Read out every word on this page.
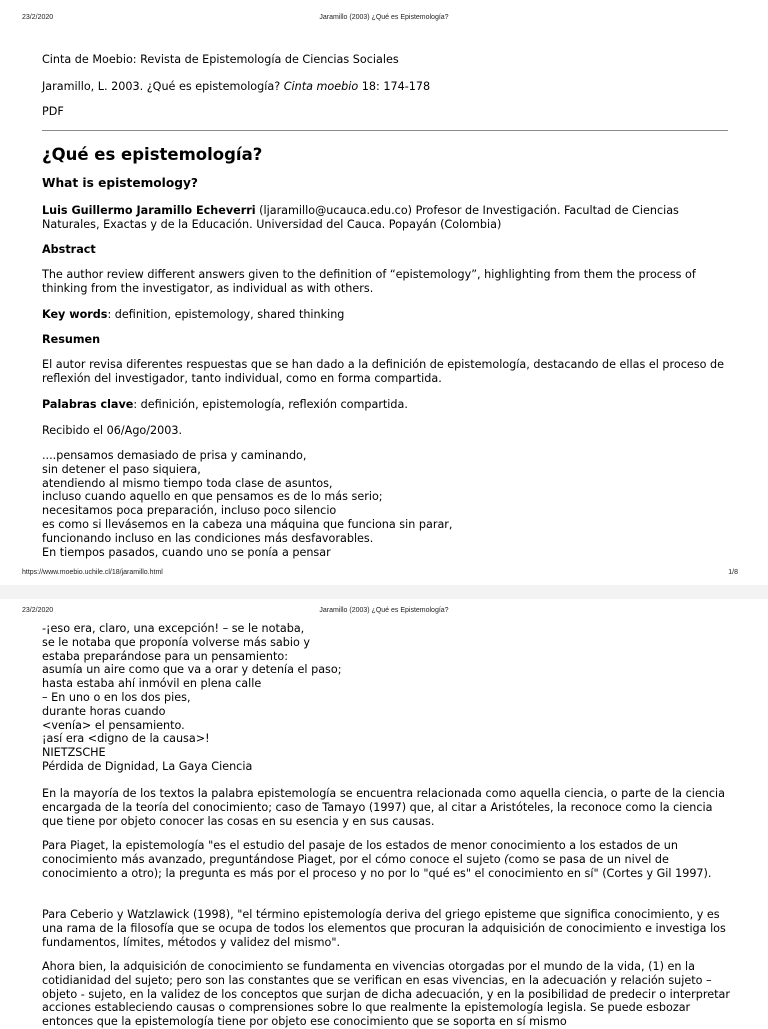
23/2/2020	Jaramillo (2003) ¿Qué es Epistemología?
Cinta de Moebio: Revista de Epistemología de Ciencias Sociales
Jaramillo, L. 2003. ¿Qué es epistemología? Cinta moebio 18: 174-178
PDF
¿Qué es epistemología?
What is epistemology?
Luis Guillermo Jaramillo Echeverri (ljaramillo@ucauca.edu.co) Profesor de Investigación. Facultad de Ciencias Naturales, Exactas y de la Educación. Universidad del Cauca. Popayán (Colombia)
Abstract
The author review different answers given to the definition of “epistemology”, highlighting from them the process of thinking from the investigator, as individual as with others.
Key words: definition, epistemology, shared thinking
Resumen
El autor revisa diferentes respuestas que se han dado a la definición de epistemología, destacando de ellas el proceso de reflexión del investigador, tanto individual, como en forma compartida.
Palabras clave: definición, epistemología, reflexión compartida.
Recibido el 06/Ago/2003.
....pensamos demasiado de prisa y caminando,
sin detener el paso siquiera,
atendiendo al mismo tiempo toda clase de asuntos,
incluso cuando aquello en que pensamos es de lo más serio;
necesitamos poca preparación, incluso poco silencio
es como si llevásemos en la cabeza una máquina que funciona sin parar,
funcionando incluso en las condiciones más desfavorables.
En tiempos pasados, cuando uno se ponía a pensar
https://www.moebio.uchile.cl/18/jaramillo.html	1/8
23/2/2020	Jaramillo (2003) ¿Qué es Epistemología?
-¡eso era, claro, una excepción! – se le notaba,
se le notaba que proponía volverse más sabio y
estaba preparándose para un pensamiento:
asumía un aire como que va a orar y detenía el paso;
hasta estaba ahí inmóvil en plena calle
– En uno o en los dos pies,
durante horas cuando
<venía> el pensamiento.
¡así era <digno de la causa>!
NIETZSCHE
Pérdida de Dignidad, La Gaya Ciencia
En la mayoría de los textos la palabra epistemología se encuentra relacionada como aquella ciencia, o parte de la ciencia encargada de la teoría del conocimiento; caso de Tamayo (1997) que, al citar a Aristóteles, la reconoce como la ciencia que tiene por objeto conocer las cosas en su esencia y en sus causas.
Para Piaget, la epistemología "es el estudio del pasaje de los estados de menor conocimiento a los estados de un conocimiento más avanzado, preguntándose Piaget, por el cómo conoce el sujeto (como se pasa de un nivel de conocimiento a otro); la pregunta es más por el proceso y no por lo "qué es" el conocimiento en sí" (Cortes y Gil 1997).
Para Ceberio y Watzlawick (1998), "el término epistemología deriva del griego episteme que significa conocimiento, y es una rama de la filosofía que se ocupa de todos los elementos que procuran la adquisición de conocimiento e investiga los fundamentos, límites, métodos y validez del mismo".
Ahora bien, la adquisición de conocimiento se fundamenta en vivencias otorgadas por el mundo de la vida, (1) en la cotidianidad del sujeto; pero son las constantes que se verifican en esas vivencias, en la adecuación y relación sujeto –objeto - sujeto, en la validez de los conceptos que surjan de dicha adecuación, y en la posibilidad de predecir o interpretar acciones estableciendo causas o comprensiones sobre lo que realmente la epistemología legisla. Se puede esbozar entonces que la epistemología tiene por objeto ese conocimiento que se soporta en sí mismo
